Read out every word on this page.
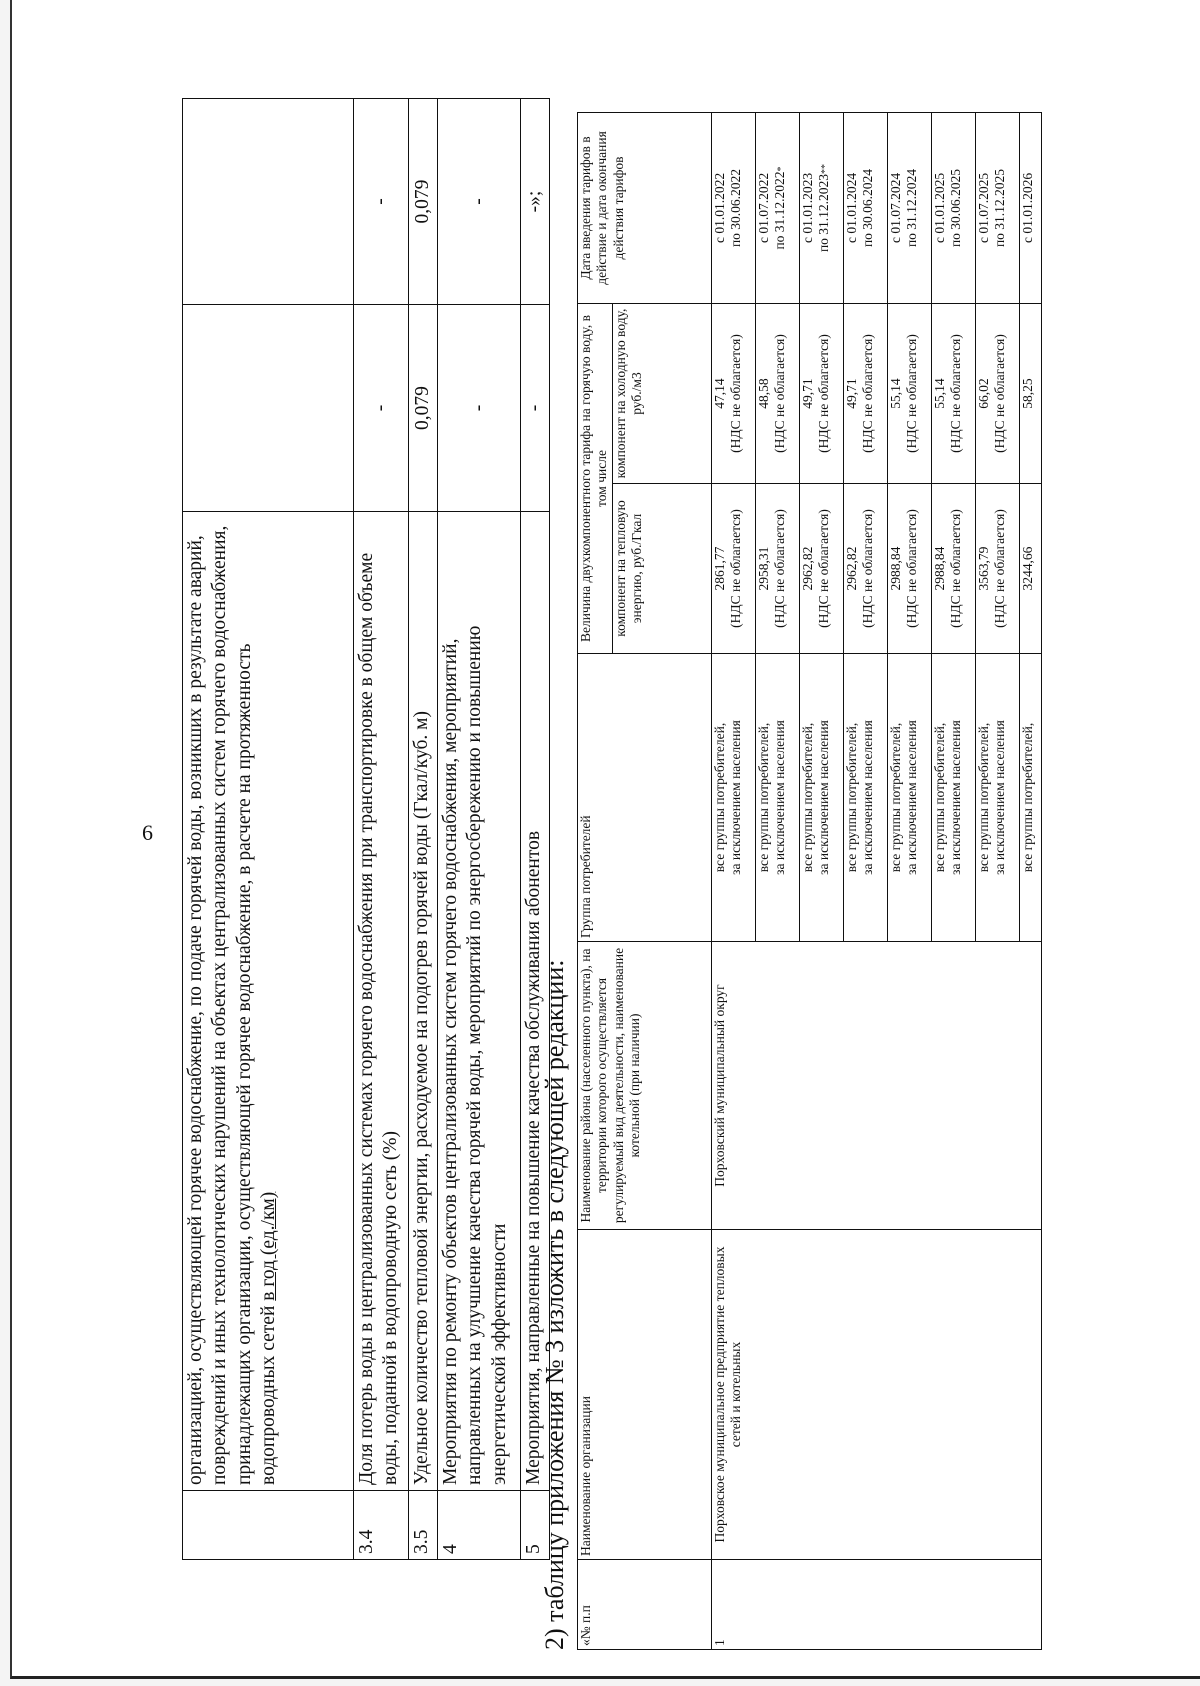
6
	организацией, осуществляющей горячее водоснабжение, по подаче горячей воды, возникших в результате аварий, повреждений и иных технологических нарушений на объектах централизованных систем горячего водоснабжения, принадлежащих организации, осуществляющей горячее водоснабжение, в расчете на протяженность водопроводных сетей в год (ед./км)		
3.4	Доля потерь воды в централизованных системах горячего водоснабжения при транспортировке в общем объеме воды, поданной в водопроводную сеть (%)	-	-
3.5	Удельное количество тепловой энергии, расходуемое на подогрев горячей воды (Гкал/куб. м)	0,079	0,079
4	Мероприятия по ремонту объектов централизованных систем горячего водоснабжения, мероприятий, направленных на улучшение качества горячей воды, мероприятий по энергосбережению и повышению энергетической эффективности	-	-
5	Мероприятия, направленные на повышение качества обслуживания абонентов	-	-»;
2) таблицу приложения № 3 изложить в следующей редакции: «№ п.п	Наименование организации	Наименование района (населенного пункта), на территории которого осуществляется регулируемый вид деятельности, наименование котельной (при наличии)	Группа потребителей	Величина двухкомпонентного тарифа на горячую воду, в том числе		Дата введения тарифов в действие и дата окончания действия тарифов
				компонент на тепловую энергию, руб./Гкал	компонент на холодную воду, руб./м3	
1	Порховское муниципальное предприятие тепловых сетей и котельных	Порховский муниципальный округ	все группы потребителей, за исключением населения	2861,77 (НДС не облагается)	47,14 (НДС не облагается)	с 01.01.2022 по 30.06.2022

			все группы потребителей, за исключением населения	2958,31 (НДС не облагается)	48,58 (НДС не облагается)	с 01.07.2022 по 31.12.2022*

			все группы потребителей, за исключением населения	2962,82 (НДС не облагается)	49,71 (НДС не облагается)	с 01.01.2023 по 31.12.2023**

			все группы потребителей, за исключением населения	2962,82 (НДС не облагается)	49,71 (НДС не облагается)	с 01.01.2024 по 30.06.2024

			все группы потребителей, за исключением населения	2988,84 (НДС не облагается)	55,14 (НДС не облагается)	с 01.07.2024 по 31.12.2024

			все группы потребителей, за исключением населения	2988,84 (НДС не облагается)	55,14 (НДС не облагается)	с 01.01.2025 по 30.06.2025

			все группы потребителей, за исключением населения	3563,79 (НДС не облагается)	66,02 (НДС не облагается)	с 01.07.2025 по 31.12.2025

			все группы потребителей,	3244,66	58,25	с 01.01.2026
